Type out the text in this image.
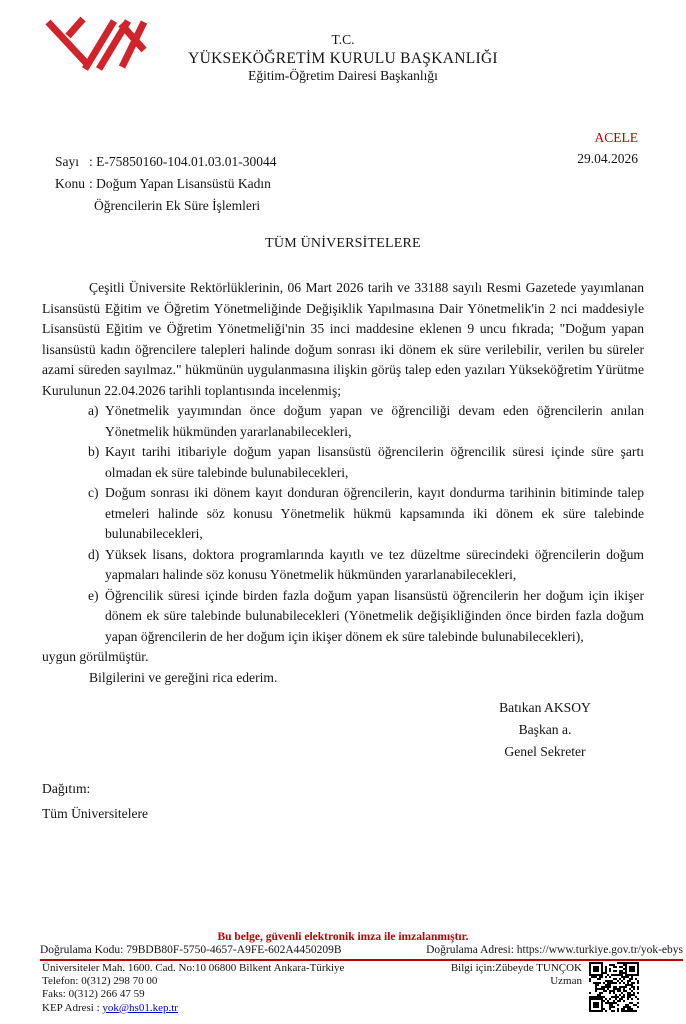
T.C.
YÜKSEKÖĞRETİM KURULU BAŞKANLIĞI
Eğitim-Öğretim Dairesi Başkanlığı
ACELE
29.04.2026
Sayı : E-75850160-104.01.03.01-30044
Konu : Doğum Yapan Lisansüstü Kadın
Öğrencilerin Ek Süre İşlemleri
TÜM ÜNİVERSİTELERE

Çeşitli Üniversite Rektörlüklerinin, 06 Mart 2026 tarih ve 33188 sayılı Resmi Gazetede yayımlanan Lisansüstü Eğitim ve Öğretim Yönetmeliğinde Değişiklik Yapılmasına Dair Yönetmelik'in 2 nci maddesiyle Lisansüstü Eğitim ve Öğretim Yönetmeliği'nin 35 inci maddesine eklenen 9 uncu fıkrada; "Doğum yapan lisansüstü kadın öğrencilere talepleri halinde doğum sonrası iki dönem ek süre verilebilir, verilen bu süreler azami süreden sayılmaz." hükmünün uygulanmasına ilişkin görüş talep eden yazıları Yükseköğretim Yürütme Kurulunun 22.04.2026 tarihli toplantısında incelenmiş;

a) Yönetmelik yayımından önce doğum yapan ve öğrenciliği devam eden öğrencilerin anılan Yönetmelik hükmünden yararlanabilecekleri,
b) Kayıt tarihi itibariyle doğum yapan lisansüstü öğrencilerin öğrencilik süresi içinde süre şartı olmadan ek süre talebinde bulunabilecekleri,
c) Doğum sonrası iki dönem kayıt donduran öğrencilerin, kayıt dondurma tarihinin bitiminde talep etmeleri halinde söz konusu Yönetmelik hükmü kapsamında iki dönem ek süre talebinde bulunabilecekleri,
d) Yüksek lisans, doktora programlarında kayıtlı ve tez düzeltme sürecindeki öğrencilerin doğum yapmaları halinde söz konusu Yönetmelik hükmünden yararlanabilecekleri,
e) Öğrencilik süresi içinde birden fazla doğum yapan lisansüstü öğrencilerin her doğum için ikişer dönem ek süre talebinde bulunabilecekleri (Yönetmelik değişikliğinden önce birden fazla doğum yapan öğrencilerin de her doğum için ikişer dönem ek süre talebinde bulunabilecekleri),

uygun görülmüştür.

Bilgilerini ve gereğini rica ederim.

Batıkan AKSOY
Başkan a.
Genel Sekreter
Dağıtım:
Tüm Üniversitelere
Bu belge, güvenli elektronik imza ile imzalanmıştır.
Doğrulama Kodu: 79BDB80F-5750-4657-A9FE-602A4450209B	Doğrulama Adresi: https://www.turkiye.gov.tr/yok-ebys
Üniversiteler Mah. 1600. Cad. No:10 06800 Bilkent Ankara-Türkiye
Telefon: 0(312) 298 70 00
Faks: 0(312) 266 47 59
KEP Adresi : yok@hs01.kep.tr
Bilgi için:Zübeyde TUNÇOK
Uzman
